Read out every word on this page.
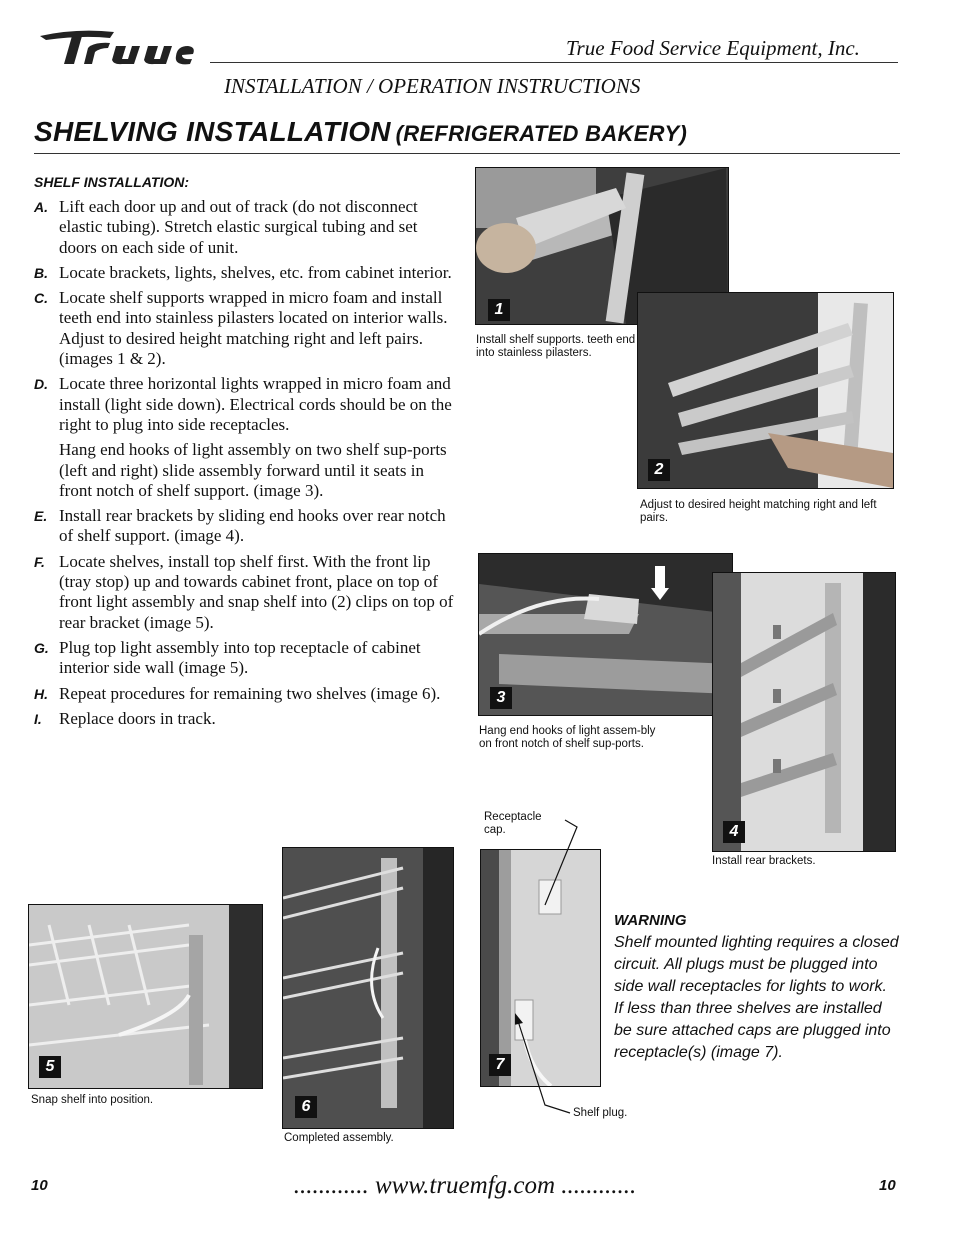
True Food Service Equipment, Inc.
INSTALLATION / OPERATION INSTRUCTIONS
SHELVING INSTALLATION (REFRIGERATED BAKERY)
SHELF INSTALLATION:
A. Lift each door up and out of track (do not disconnect elastic tubing). Stretch elastic surgical tubing and set doors on each side of unit.

B. Locate brackets, lights, shelves, etc. from cabinet interior.

C. Locate shelf supports wrapped in micro foam and install teeth end into stainless pilasters located on interior walls. Adjust to desired height matching right and left pairs. (images 1 & 2).

D. Locate three horizontal lights wrapped in micro foam and install (light side down). Electrical cords should be on the right to plug into side receptacles.

Hang end hooks of light assembly on two shelf sup-ports (left and right) slide assembly forward until it seats in front notch of shelf support. (image 3).

E. Install rear brackets by sliding end hooks over rear notch of shelf support. (image 4).

F. Locate shelves, install top shelf first. With the front lip (tray stop) up and towards cabinet front, place on top of front light assembly and snap shelf into (2) clips on top of rear bracket (image 5).

G. Plug top light assembly into top receptacle of cabinet interior side wall (image 5).

H. Repeat procedures for remaining two shelves (image 6).

I.	Replace doors in track.

1
Install shelf supports. teeth end into stainless pilasters.
2
Adjust to desired height matching right and left pairs.
3
Hang end hooks of light assem-bly on front notch of shelf sup-ports.
4
Install rear brackets.
5
Snap shelf into position.	6
Completed assembly.
7
Receptacle cap.
Shelf plug.
WARNING

Shelf mounted lighting requires a closed circuit. All plugs must be plugged into side wall receptacles for lights to work. If less than three shelves are installed be sure attached caps are plugged into receptacle(s) (image 7).

10	............ www.truemfg.com ............	10
